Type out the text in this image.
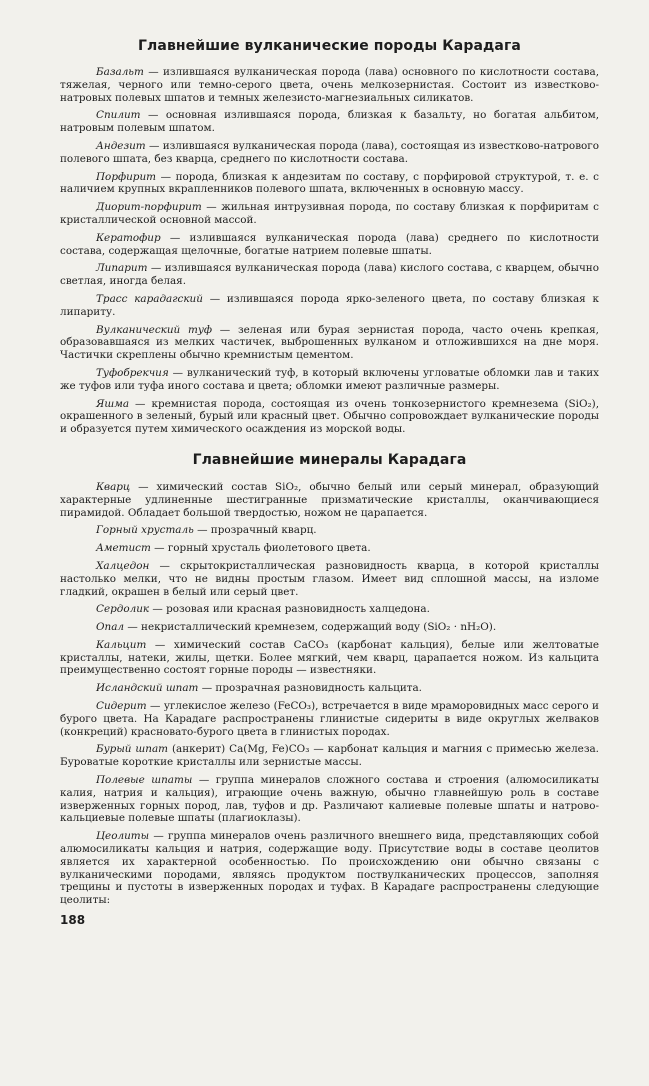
Главнейшие вулканические породы Карадага

Базальт — излившаяся вулканическая порода (лава) основного по кислотности состава, тяжелая, черного или темно-серого цвета, очень мелкозернистая. Состоит из известково-натровых полевых шпатов и темных железисто-магнезиальных силикатов.

Спилит — основная излившаяся порода, близкая к базальту, но богатая альбитом, натровым полевым шпатом.

Андезит — излившаяся вулканическая порода (лава), состоящая из известково-натрового полевого шпата, без кварца, среднего по кислотности состава.

Порфирит — порода, близкая к андезитам по составу, с порфировой структурой, т. е. с наличием крупных вкрапленников полевого шпата, включенных в основную массу.

Диорит-порфирит — жильная интрузивная порода, по составу близкая к порфиритам с кристаллической основной массой.

Кератофир — излившаяся вулканическая порода (лава) среднего по кислотности состава, содержащая щелочные, богатые натрием полевые шпаты.

Липарит — излившаяся вулканическая порода (лава) кислого состава, с кварцем, обычно светлая, иногда белая.

Трасс карадагский — излившаяся порода ярко-зеленого цвета, по составу близкая к липариту.

Вулканический туф — зеленая или бурая зернистая порода, часто очень крепкая, образовавшаяся из мелких частичек, выброшенных вулканом и отложившихся на дне моря. Частички скреплены обычно кремнистым цементом.

Туфобрекчия — вулканический туф, в который включены угловатые обломки лав и таких же туфов или туфа иного состава и цвета; обломки имеют различные размеры.

Яшма — кремнистая порода, состоящая из очень тонкозернистого кремнезема (SiO₂), окрашенного в зеленый, бурый или красный цвет. Обычно сопровождает вулканические породы и образуется путем химического осаждения из морской воды.

Главнейшие минералы Карадага

Кварц — химический состав SiO₂, обычно белый или серый минерал, образующий характерные удлиненные шестигранные призматические кристаллы, оканчивающиеся пирамидой. Обладает большой твердостью, ножом не царапается.

Горный хрусталь — прозрачный кварц.

Аметист — горный хрусталь фиолетового цвета.

Халцедон — скрытокристаллическая разновидность кварца, в которой кристаллы настолько мелки, что не видны простым глазом. Имеет вид сплошной массы, на изломе гладкий, окрашен в белый или серый цвет.

Сердолик — розовая или красная разновидность халцедона.

Опал — некристаллический кремнезем, содержащий воду (SiO₂ · nH₂O).

Кальцит — химический состав CaCO₃ (карбонат кальция), белые или желтоватые кристаллы, натеки, жилы, щетки. Более мягкий, чем кварц, царапается ножом. Из кальцита преимущественно состоят горные породы — известняки.

Исландский шпат — прозрачная разновидность кальцита.

Сидерит — углекислое железо (FeCO₃), встречается в виде мраморовидных масс серого и бурого цвета. На Карадаге распространены глинистые сидериты в виде округлых желваков (конкреций) красновато-бурого цвета в глинистых породах.

Бурый шпат (анкерит) Ca(Mg, Fe)CO₃ — карбонат кальция и магния с примесью железа. Буроватые короткие кристаллы или зернистые массы.

Полевые шпаты — группа минералов сложного состава и строения (алюмосиликаты калия, натрия и кальция), играющие очень важную, обычно главнейшую роль в составе изверженных горных пород, лав, туфов и др. Различают калиевые полевые шпаты и натрово-кальциевые полевые шпаты (плагиоклазы).

Цеолиты — группа минералов очень различного внешнего вида, представляющих собой алюмосиликаты кальция и натрия, содержащие воду. Присутствие воды в составе цеолитов является их характерной особенностью. По происхождению они обычно связаны с вулканическими породами, являясь продуктом поствулканических процессов, заполняя трещины и пустоты в изверженных породах и туфах. В Карадаге распространены следующие цеолиты:

188
